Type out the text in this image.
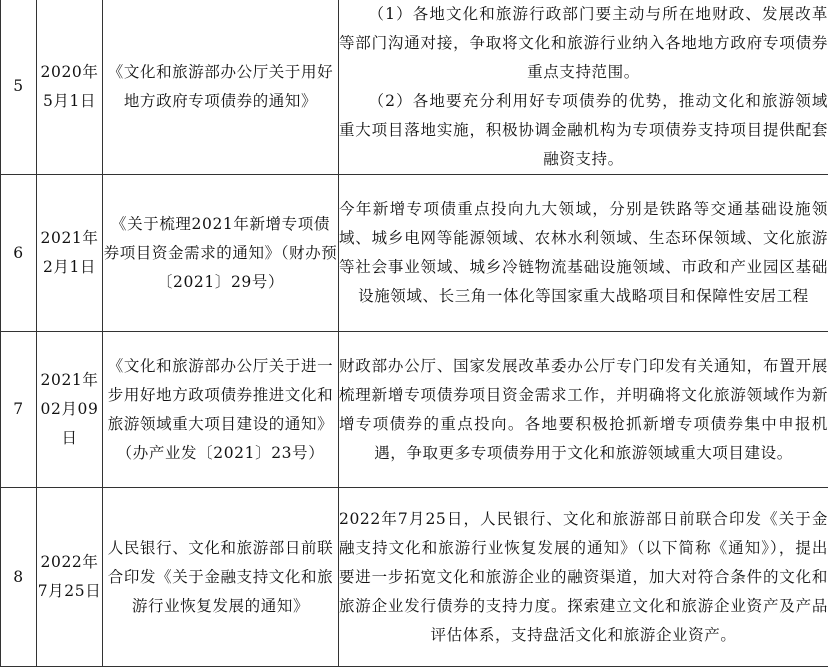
5	2020年5月1日	《文化和旅游部办公厅关于用好地方政府专项债券的通知》	（1）各地文化和旅游行政部门要主动与所在地财政、发展改革等部门沟通对接，争取将文化和旅游行业纳入各地地方政府专项债券重点支持范围。
（2）各地要充分利用好专项债券的优势，推动文化和旅游领域重大项目落地实施，积极协调金融机构为专项债券支持项目提供配套融资支持。

6	2021年2月1日	《关于梳理2021年新增专项债券项目资金需求的通知》（财办预〔2021〕29号）	今年新增专项债重点投向九大领域，分别是铁路等交通基础设施领域、城乡电网等能源领域、农林水利领域、生态环保领域、文化旅游等社会事业领域、城乡冷链物流基础设施领域、市政和产业园区基础设施领域、长三角一体化等国家重大战略项目和保障性安居工程

7	2021年02月09日	《文化和旅游部办公厅关于进一步用好地方政项债券推进文化和旅游领域重大项目建设的通知》（办产业发〔2021〕23号）	财政部办公厅、国家发展改革委办公厅专门印发有关通知，布置开展梳理新增专项债券项目资金需求工作，并明确将文化旅游领域作为新增专项债券的重点投向。各地要积极抢抓新增专项债券集中申报机遇，争取更多专项债券用于文化和旅游领域重大项目建设。

8	2022年7月25日	人民银行、文化和旅游部日前联合印发《关于金融支持文化和旅游行业恢复发展的通知》	2022年7月25日，人民银行、文化和旅游部日前联合印发《关于金融支持文化和旅游行业恢复发展的通知》（以下简称《通知》），提出要进一步拓宽文化和旅游企业的融资渠道，加大对符合条件的文化和旅游企业发行债券的支持力度。探索建立文化和旅游企业资产及产品评估体系，支持盘活文化和旅游企业资产。
